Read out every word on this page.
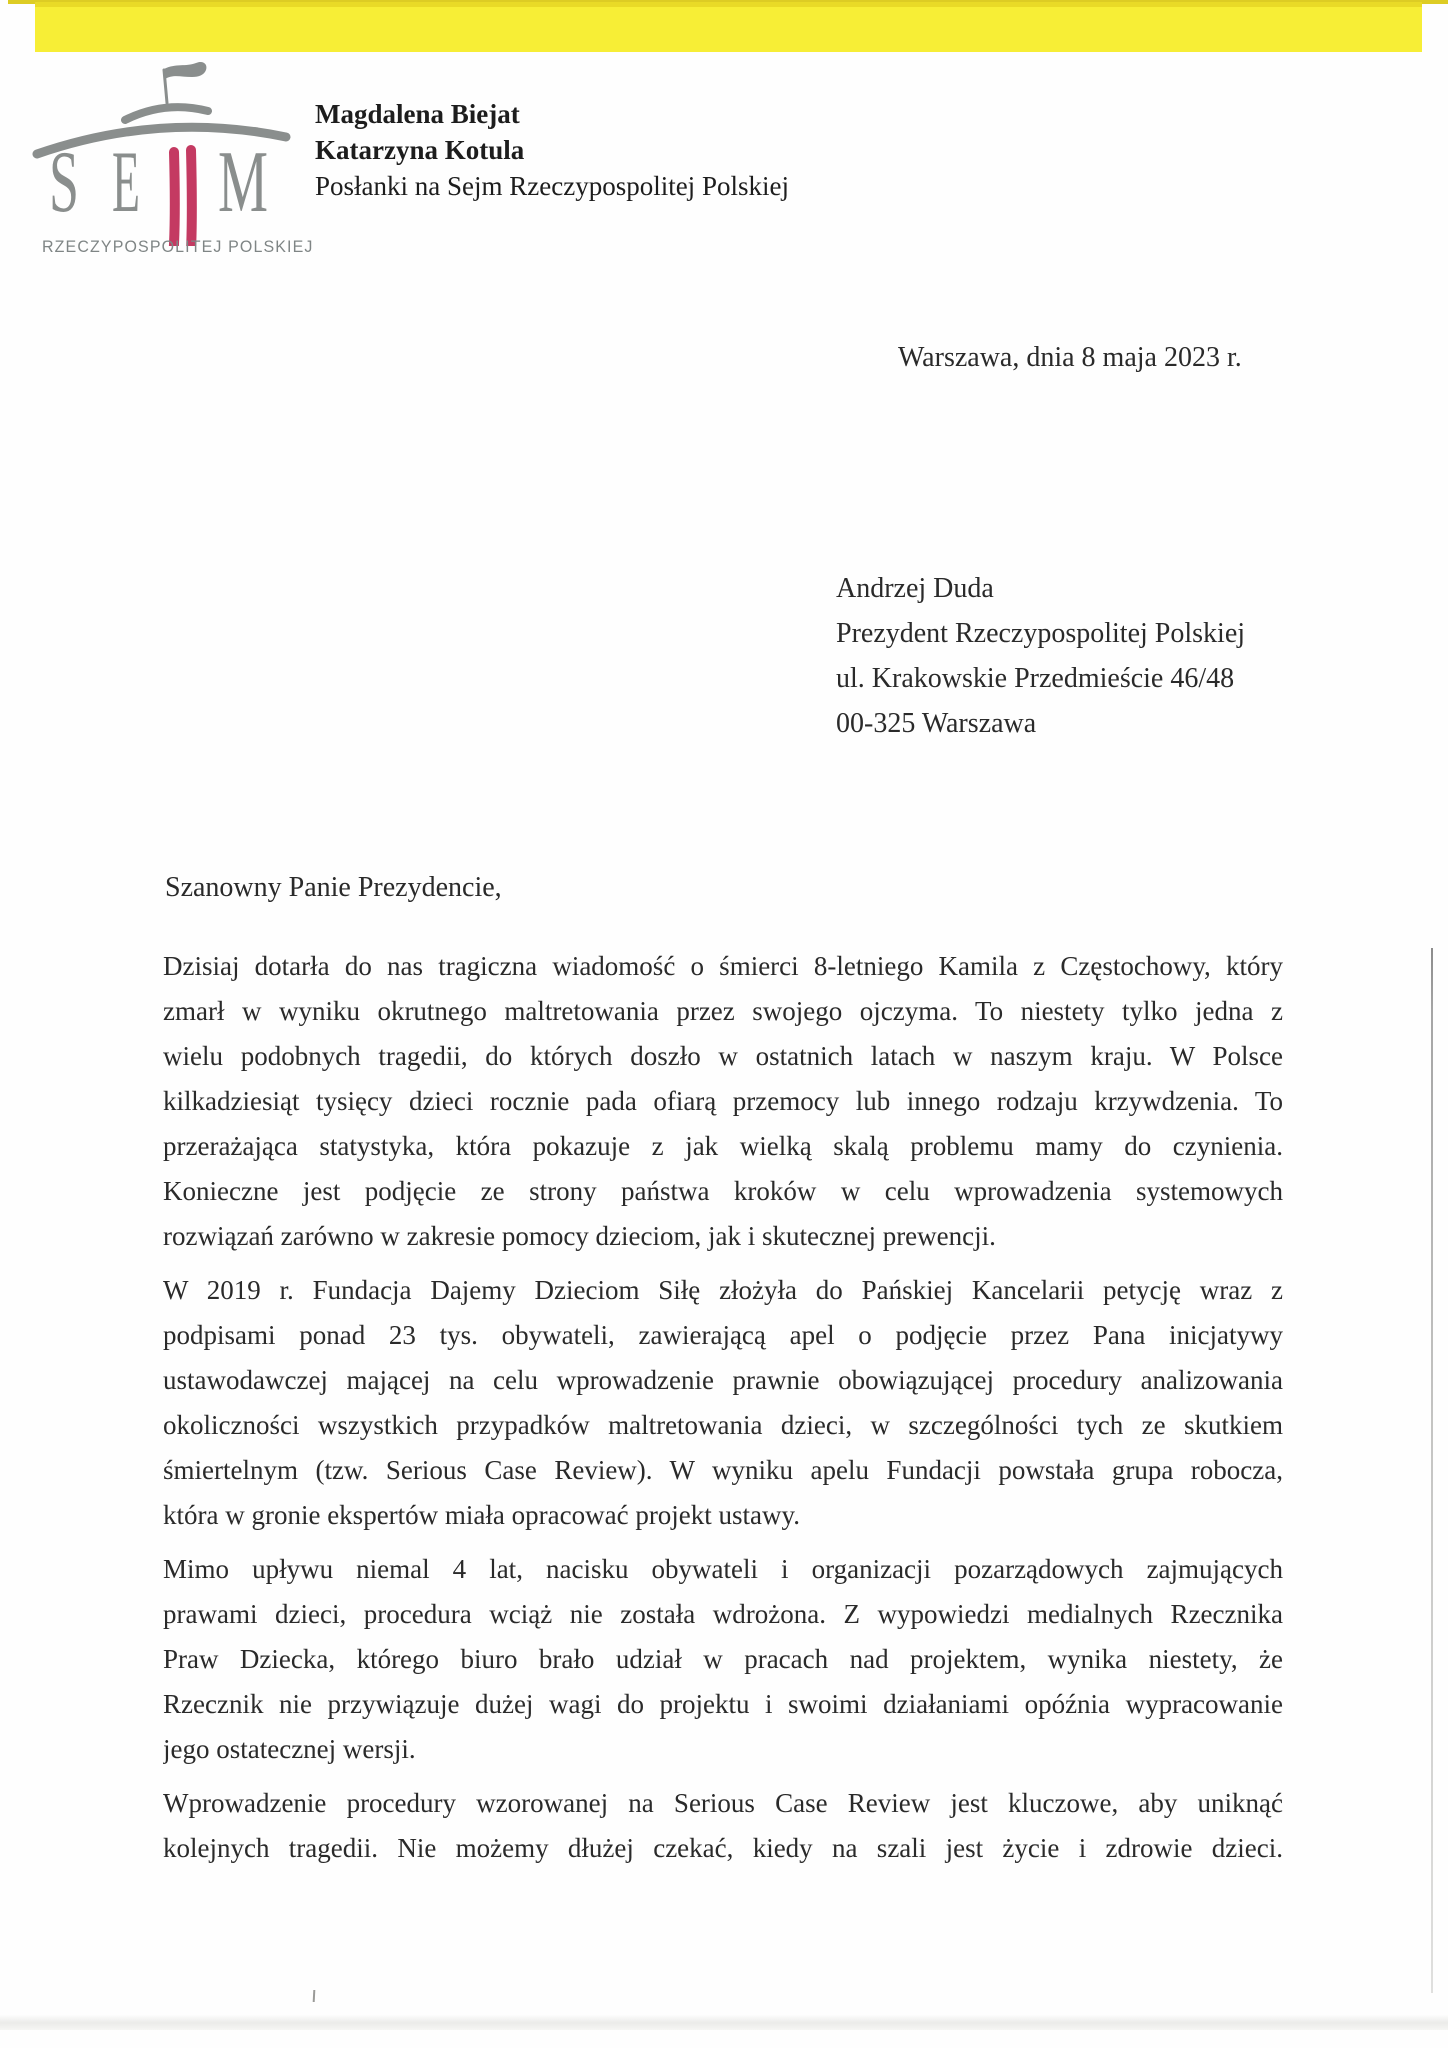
S E M
RZECZYPOSPOLITEJ POLSKIEJ
Magdalena Biejat
Katarzyna Kotula
Posłanki na Sejm Rzeczypospolitej Polskiej
Warszawa, dnia 8 maja 2023 r.
Andrzej Duda
Prezydent Rzeczypospolitej Polskiej
ul. Krakowskie Przedmieście 46/48
00-325 Warszawa
Szanowny Panie Prezydencie,
Dzisiaj dotarła do nas tragiczna wiadomość o śmierci 8-letniego Kamila z Częstochowy, który
zmarł w wyniku okrutnego maltretowania przez swojego ojczyma. To niestety tylko jedna z
wielu podobnych tragedii, do których doszło w ostatnich latach w naszym kraju. W Polsce
kilkadziesiąt tysięcy dzieci rocznie pada ofiarą przemocy lub innego rodzaju krzywdzenia. To
przerażająca statystyka, która pokazuje z jak wielką skalą problemu mamy do czynienia.
Konieczne jest podjęcie ze strony państwa kroków w celu wprowadzenia systemowych
rozwiązań zarówno w zakresie pomocy dzieciom, jak i skutecznej prewencji.
W 2019 r. Fundacja Dajemy Dzieciom Siłę złożyła do Pańskiej Kancelarii petycję wraz z
podpisami ponad 23 tys. obywateli, zawierającą apel o podjęcie przez Pana inicjatywy
ustawodawczej mającej na celu wprowadzenie prawnie obowiązującej procedury analizowania
okoliczności wszystkich przypadków maltretowania dzieci, w szczególności tych ze skutkiem
śmiertelnym (tzw. Serious Case Review). W wyniku apelu Fundacji powstała grupa robocza,
która w gronie ekspertów miała opracować projekt ustawy.
Mimo upływu niemal 4 lat, nacisku obywateli i organizacji pozarządowych zajmujących
prawami dzieci, procedura wciąż nie została wdrożona. Z wypowiedzi medialnych Rzecznika
Praw Dziecka, którego biuro brało udział w pracach nad projektem, wynika niestety, że
Rzecznik nie przywiązuje dużej wagi do projektu i swoimi działaniami opóźnia wypracowanie
jego ostatecznej wersji.
Wprowadzenie procedury wzorowanej na Serious Case Review jest kluczowe, aby uniknąć
kolejnych tragedii. Nie możemy dłużej czekać, kiedy na szali jest życie i zdrowie dzieci.
